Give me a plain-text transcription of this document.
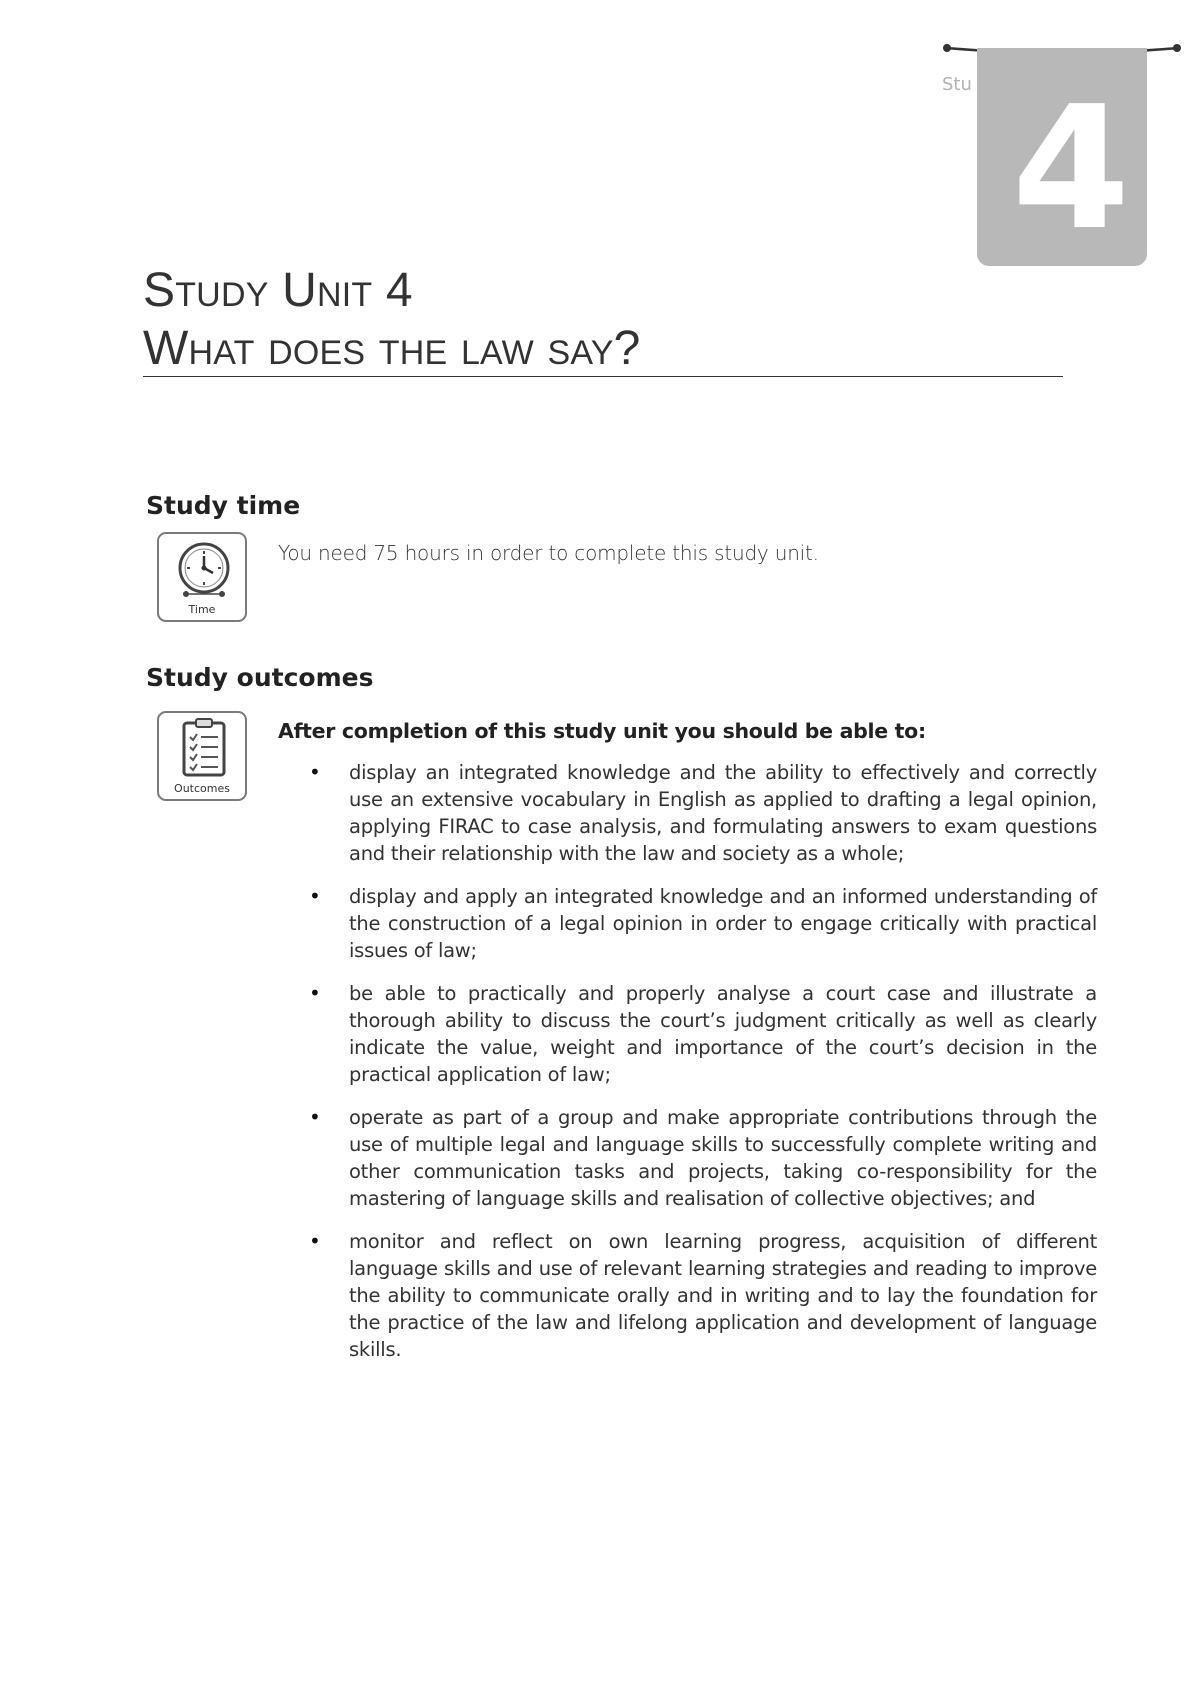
Stu 4
Study Unit 4
What does the law say?
Study time
Time
You need 75 hours in order to complete this study unit.
Study outcomes
Outcomes
After completion of this study unit you should be able to:
• display an integrated knowledge and the ability to effectively and correctly use an extensive vocabulary in English as applied to drafting a legal opinion, applying FIRAC to case analysis, and formulating answers to exam questions and their relationship with the law and society as a whole;
• display and apply an integrated knowledge and an informed understanding of the construction of a legal opinion in order to engage critically with practical issues of law;
• be able to practically and properly analyse a court case and illustrate a thorough ability to discuss the court’s judgment critically as well as clearly indicate the value, weight and importance of the court’s decision in the practical application of law;
• operate as part of a group and make appropriate contributions through the use of multiple legal and language skills to successfully complete writing and other communication tasks and projects, taking co-responsibility for the mastering of language skills and realisation of collective objectives; and
• monitor and reflect on own learning progress, acquisition of different language skills and use of relevant learning strategies and reading to improve the ability to communicate orally and in writing and to lay the foundation for the practice of the law and lifelong application and development of language skills.
